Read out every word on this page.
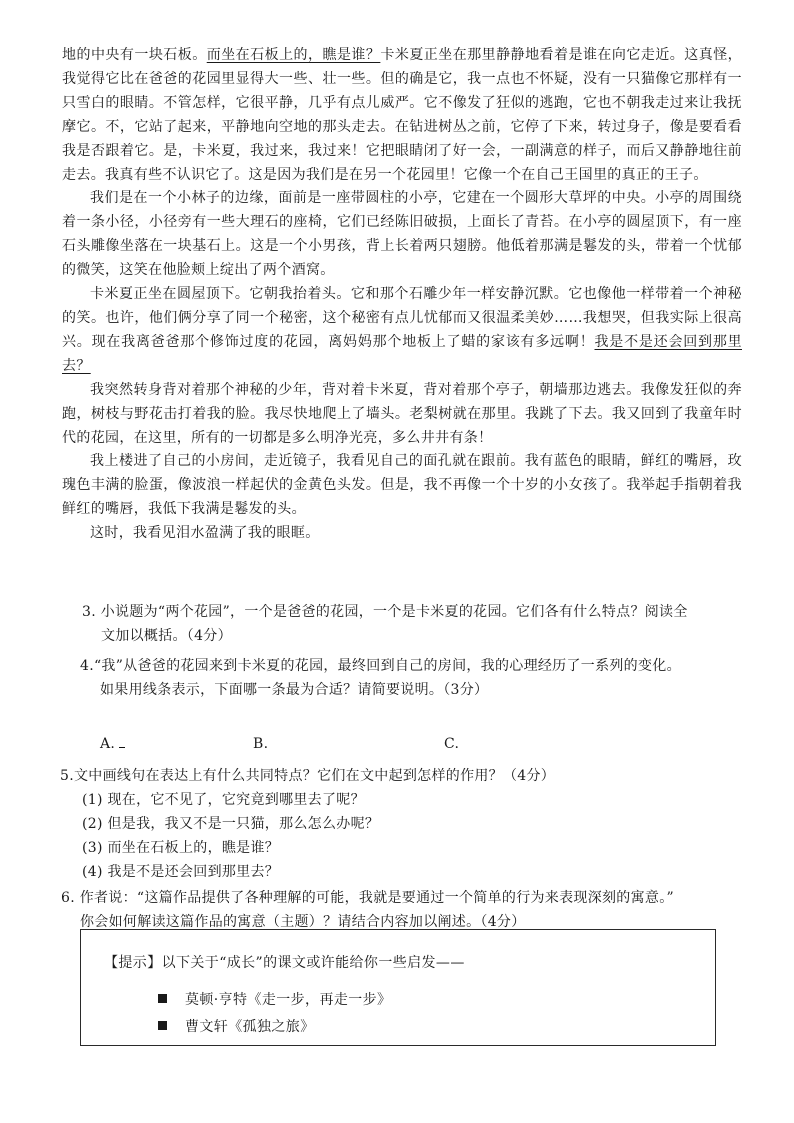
地的中央有一块石板。而坐在石板上的，瞧是谁？卡米夏正坐在那里静静地看着是谁在向它走近。这真怪，我觉得它比在爸爸的花园里显得大一些、壮一些。但的确是它，我一点也不怀疑，没有一只猫像它那样有一只雪白的眼睛。不管怎样，它很平静，几乎有点儿威严。它不像发了狂似的逃跑，它也不朝我走过来让我抚摩它。不，它站了起来，平静地向空地的那头走去。在钻进树丛之前，它停了下来，转过身子，像是要看看我是否跟着它。是，卡米夏，我过来，我过来！它把眼睛闭了好一会，一副满意的样子，而后又静静地往前走去。我真有些不认识它了。这是因为我们是在另一个花园里！它像一个在自己王国里的真正的王子。

我们是在一个小林子的边缘，面前是一座带圆柱的小亭，它建在一个圆形大草坪的中央。小亭的周围绕着一条小径，小径旁有一些大理石的座椅，它们已经陈旧破损，上面长了青苔。在小亭的圆屋顶下，有一座石头雕像坐落在一块基石上。这是一个小男孩，背上长着两只翅膀。他低着那满是鬈发的头，带着一个忧郁的微笑，这笑在他脸颊上绽出了两个酒窝。

卡米夏正坐在圆屋顶下。它朝我抬着头。它和那个石雕少年一样安静沉默。它也像他一样带着一个神秘的笑。也许，他们俩分享了同一个秘密，这个秘密有点儿忧郁而又很温柔美妙……我想哭，但我实际上很高兴。现在我离爸爸那个修饰过度的花园，离妈妈那个地板上了蜡的家该有多远啊！我是不是还会回到那里去？

我突然转身背对着那个神秘的少年，背对着卡米夏，背对着那个亭子，朝墙那边逃去。我像发狂似的奔跑，树枝与野花击打着我的脸。我尽快地爬上了墙头。老梨树就在那里。我跳了下去。我又回到了我童年时代的花园，在这里，所有的一切都是多么明净光亮，多么井井有条！

我上楼进了自己的小房间，走近镜子，我看见自己的面孔就在跟前。我有蓝色的眼睛，鲜红的嘴唇，玫瑰色丰满的脸蛋，像波浪一样起伏的金黄色头发。但是，我不再像一个十岁的小女孩了。我举起手指朝着我鲜红的嘴唇，我低下我满是鬈发的头。

这时，我看见泪水盈满了我的眼眶。

3. 小说题为“两个花园”，一个是爸爸的花园，一个是卡米夏的花园。它们各有什么特点？阅读全
文加以概括。（4分）
4.“我”从爸爸的花园来到卡米夏的花园，最终回到自己的房间，我的心理经历了一系列的变化。
如果用线条表示，下面哪一条最为合适？请简要说明。（3分）
A.	B.	C.
5.文中画线句在表达上有什么共同特点？它们在文中起到怎样的作用？（4分）
(1) 现在，它不见了，它究竟到哪里去了呢？
(2) 但是我，我又不是一只猫，那么怎么办呢？
(3) 而坐在石板上的，瞧是谁？
(4) 我是不是还会回到那里去？
6. 作者说：“这篇作品提供了各种理解的可能，我就是要通过一个简单的行为来表现深刻的寓意。”
你会如何解读这篇作品的寓意（主题）？请结合内容加以阐述。（4分）
【提示】以下关于“成长”的课文或许能给你一些启发——
莫顿·亨特《走一步，再走一步》
曹文轩《孤独之旅》
